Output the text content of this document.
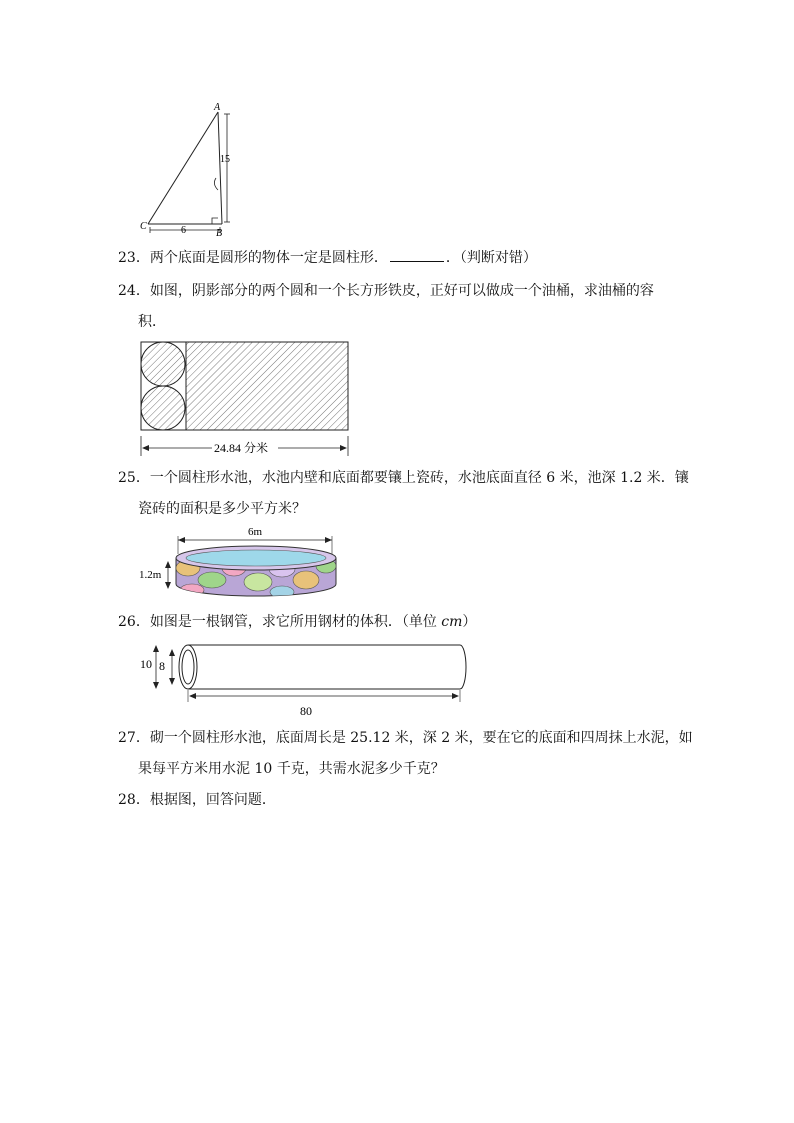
A
C
B
15
6
23．两个底面是圆形的物体一定是圆柱形．	．（判断对错）
24．如图，阴影部分的两个圆和一个长方形铁皮，正好可以做成一个油桶，求油桶的容
积．
24.84 分米
25．一个圆柱形水池，水池内壁和底面都要镶上瓷砖，水池底面直径 6 米，池深 1.2 米．镶
瓷砖的面积是多少平方米？
6m
1.2m
26．如图是一根钢管，求它所用钢材的体积．（单位 cm）
10 8
80
27．砌一个圆柱形水池，底面周长是 25.12 米，深 2 米，要在它的底面和四周抹上水泥，如
果每平方米用水泥 10 千克，共需水泥多少千克？
28．根据图，回答问题．
